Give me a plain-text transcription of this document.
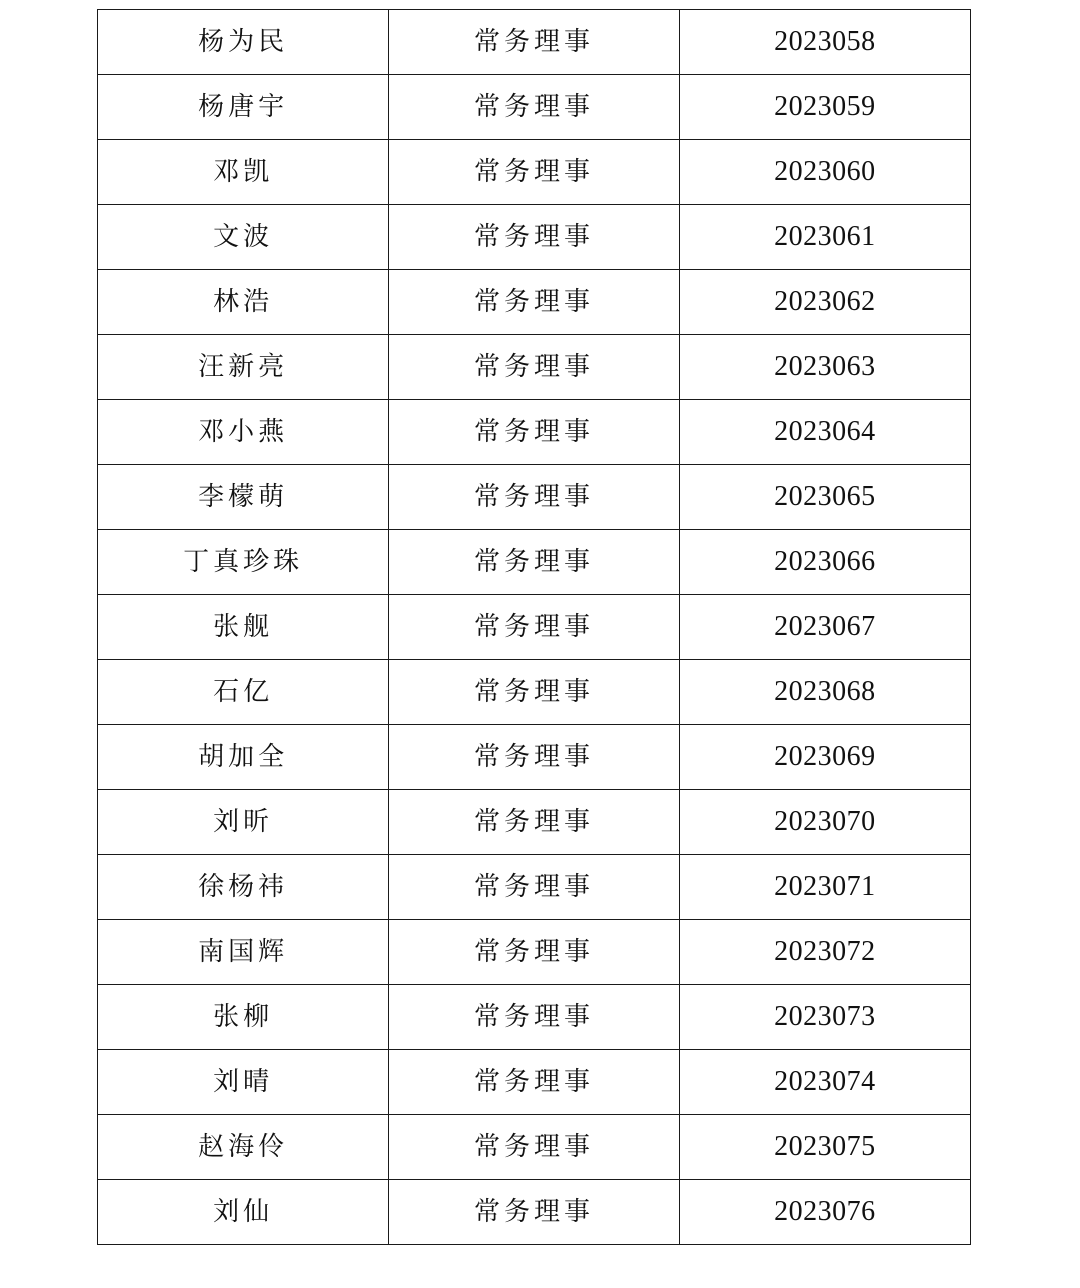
杨为民	常务理事	2023058
杨唐宇	常务理事	2023059
邓凯	常务理事	2023060
文波	常务理事	2023061
林浩	常务理事	2023062
汪新亮	常务理事	2023063
邓小燕	常务理事	2023064
李檬萌	常务理事	2023065
丁真珍珠	常务理事	2023066
张舰	常务理事	2023067
石亿	常务理事	2023068
胡加全	常务理事	2023069
刘昕	常务理事	2023070
徐杨祎	常务理事	2023071
南国辉	常务理事	2023072
张柳	常务理事	2023073
刘晴	常务理事	2023074
赵海伶	常务理事	2023075
刘仙	常务理事	2023076
